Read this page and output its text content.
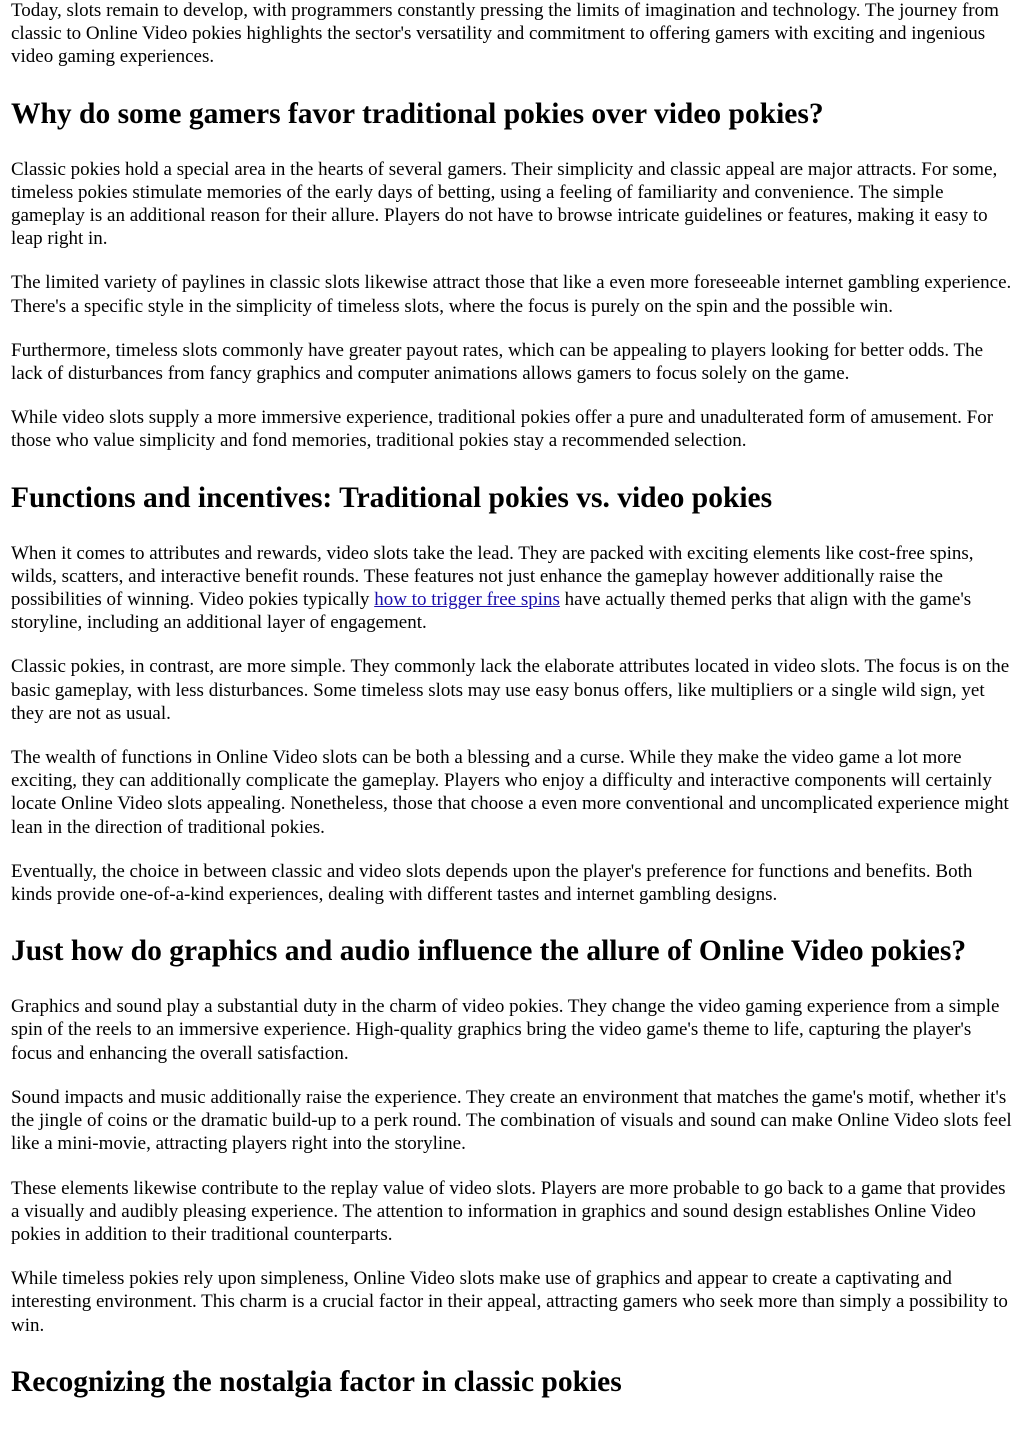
Today, slots remain to develop, with programmers constantly pressing the limits of imagination and technology. The journey from classic to Online Video pokies highlights the sector's versatility and commitment to offering gamers with exciting and ingenious video gaming experiences.

Why do some gamers favor traditional pokies over video pokies?

Classic pokies hold a special area in the hearts of several gamers. Their simplicity and classic appeal are major attracts. For some, timeless pokies stimulate memories of the early days of betting, using a feeling of familiarity and convenience. The simple gameplay is an additional reason for their allure. Players do not have to browse intricate guidelines or features, making it easy to leap right in.

The limited variety of paylines in classic slots likewise attract those that like a even more foreseeable internet gambling experience. There's a specific style in the simplicity of timeless slots, where the focus is purely on the spin and the possible win.

Furthermore, timeless slots commonly have greater payout rates, which can be appealing to players looking for better odds. The lack of disturbances from fancy graphics and computer animations allows gamers to focus solely on the game.

While video slots supply a more immersive experience, traditional pokies offer a pure and unadulterated form of amusement. For those who value simplicity and fond memories, traditional pokies stay a recommended selection.

Functions and incentives: Traditional pokies vs. video pokies

When it comes to attributes and rewards, video slots take the lead. They are packed with exciting elements like cost-free spins, wilds, scatters, and interactive benefit rounds. These features not just enhance the gameplay however additionally raise the possibilities of winning. Video pokies typically how to trigger free spins have actually themed perks that align with the game's storyline, including an additional layer of engagement.

Classic pokies, in contrast, are more simple. They commonly lack the elaborate attributes located in video slots. The focus is on the basic gameplay, with less disturbances. Some timeless slots may use easy bonus offers, like multipliers or a single wild sign, yet they are not as usual.

The wealth of functions in Online Video slots can be both a blessing and a curse. While they make the video game a lot more exciting, they can additionally complicate the gameplay. Players who enjoy a difficulty and interactive components will certainly locate Online Video slots appealing. Nonetheless, those that choose a even more conventional and uncomplicated experience might lean in the direction of traditional pokies.

Eventually, the choice in between classic and video slots depends upon the player's preference for functions and benefits. Both kinds provide one-of-a-kind experiences, dealing with different tastes and internet gambling designs.

Just how do graphics and audio influence the allure of Online Video pokies?

Graphics and sound play a substantial duty in the charm of video pokies. They change the video gaming experience from a simple spin of the reels to an immersive experience. High-quality graphics bring the video game's theme to life, capturing the player's focus and enhancing the overall satisfaction.

Sound impacts and music additionally raise the experience. They create an environment that matches the game's motif, whether it's the jingle of coins or the dramatic build-up to a perk round. The combination of visuals and sound can make Online Video slots feel like a mini-movie, attracting players right into the storyline.

These elements likewise contribute to the replay value of video slots. Players are more probable to go back to a game that provides a visually and audibly pleasing experience. The attention to information in graphics and sound design establishes Online Video pokies in addition to their traditional counterparts.

While timeless pokies rely upon simpleness, Online Video slots make use of graphics and appear to create a captivating and interesting environment. This charm is a crucial factor in their appeal, attracting gamers who seek more than simply a possibility to win.

Recognizing the nostalgia factor in classic pokies
